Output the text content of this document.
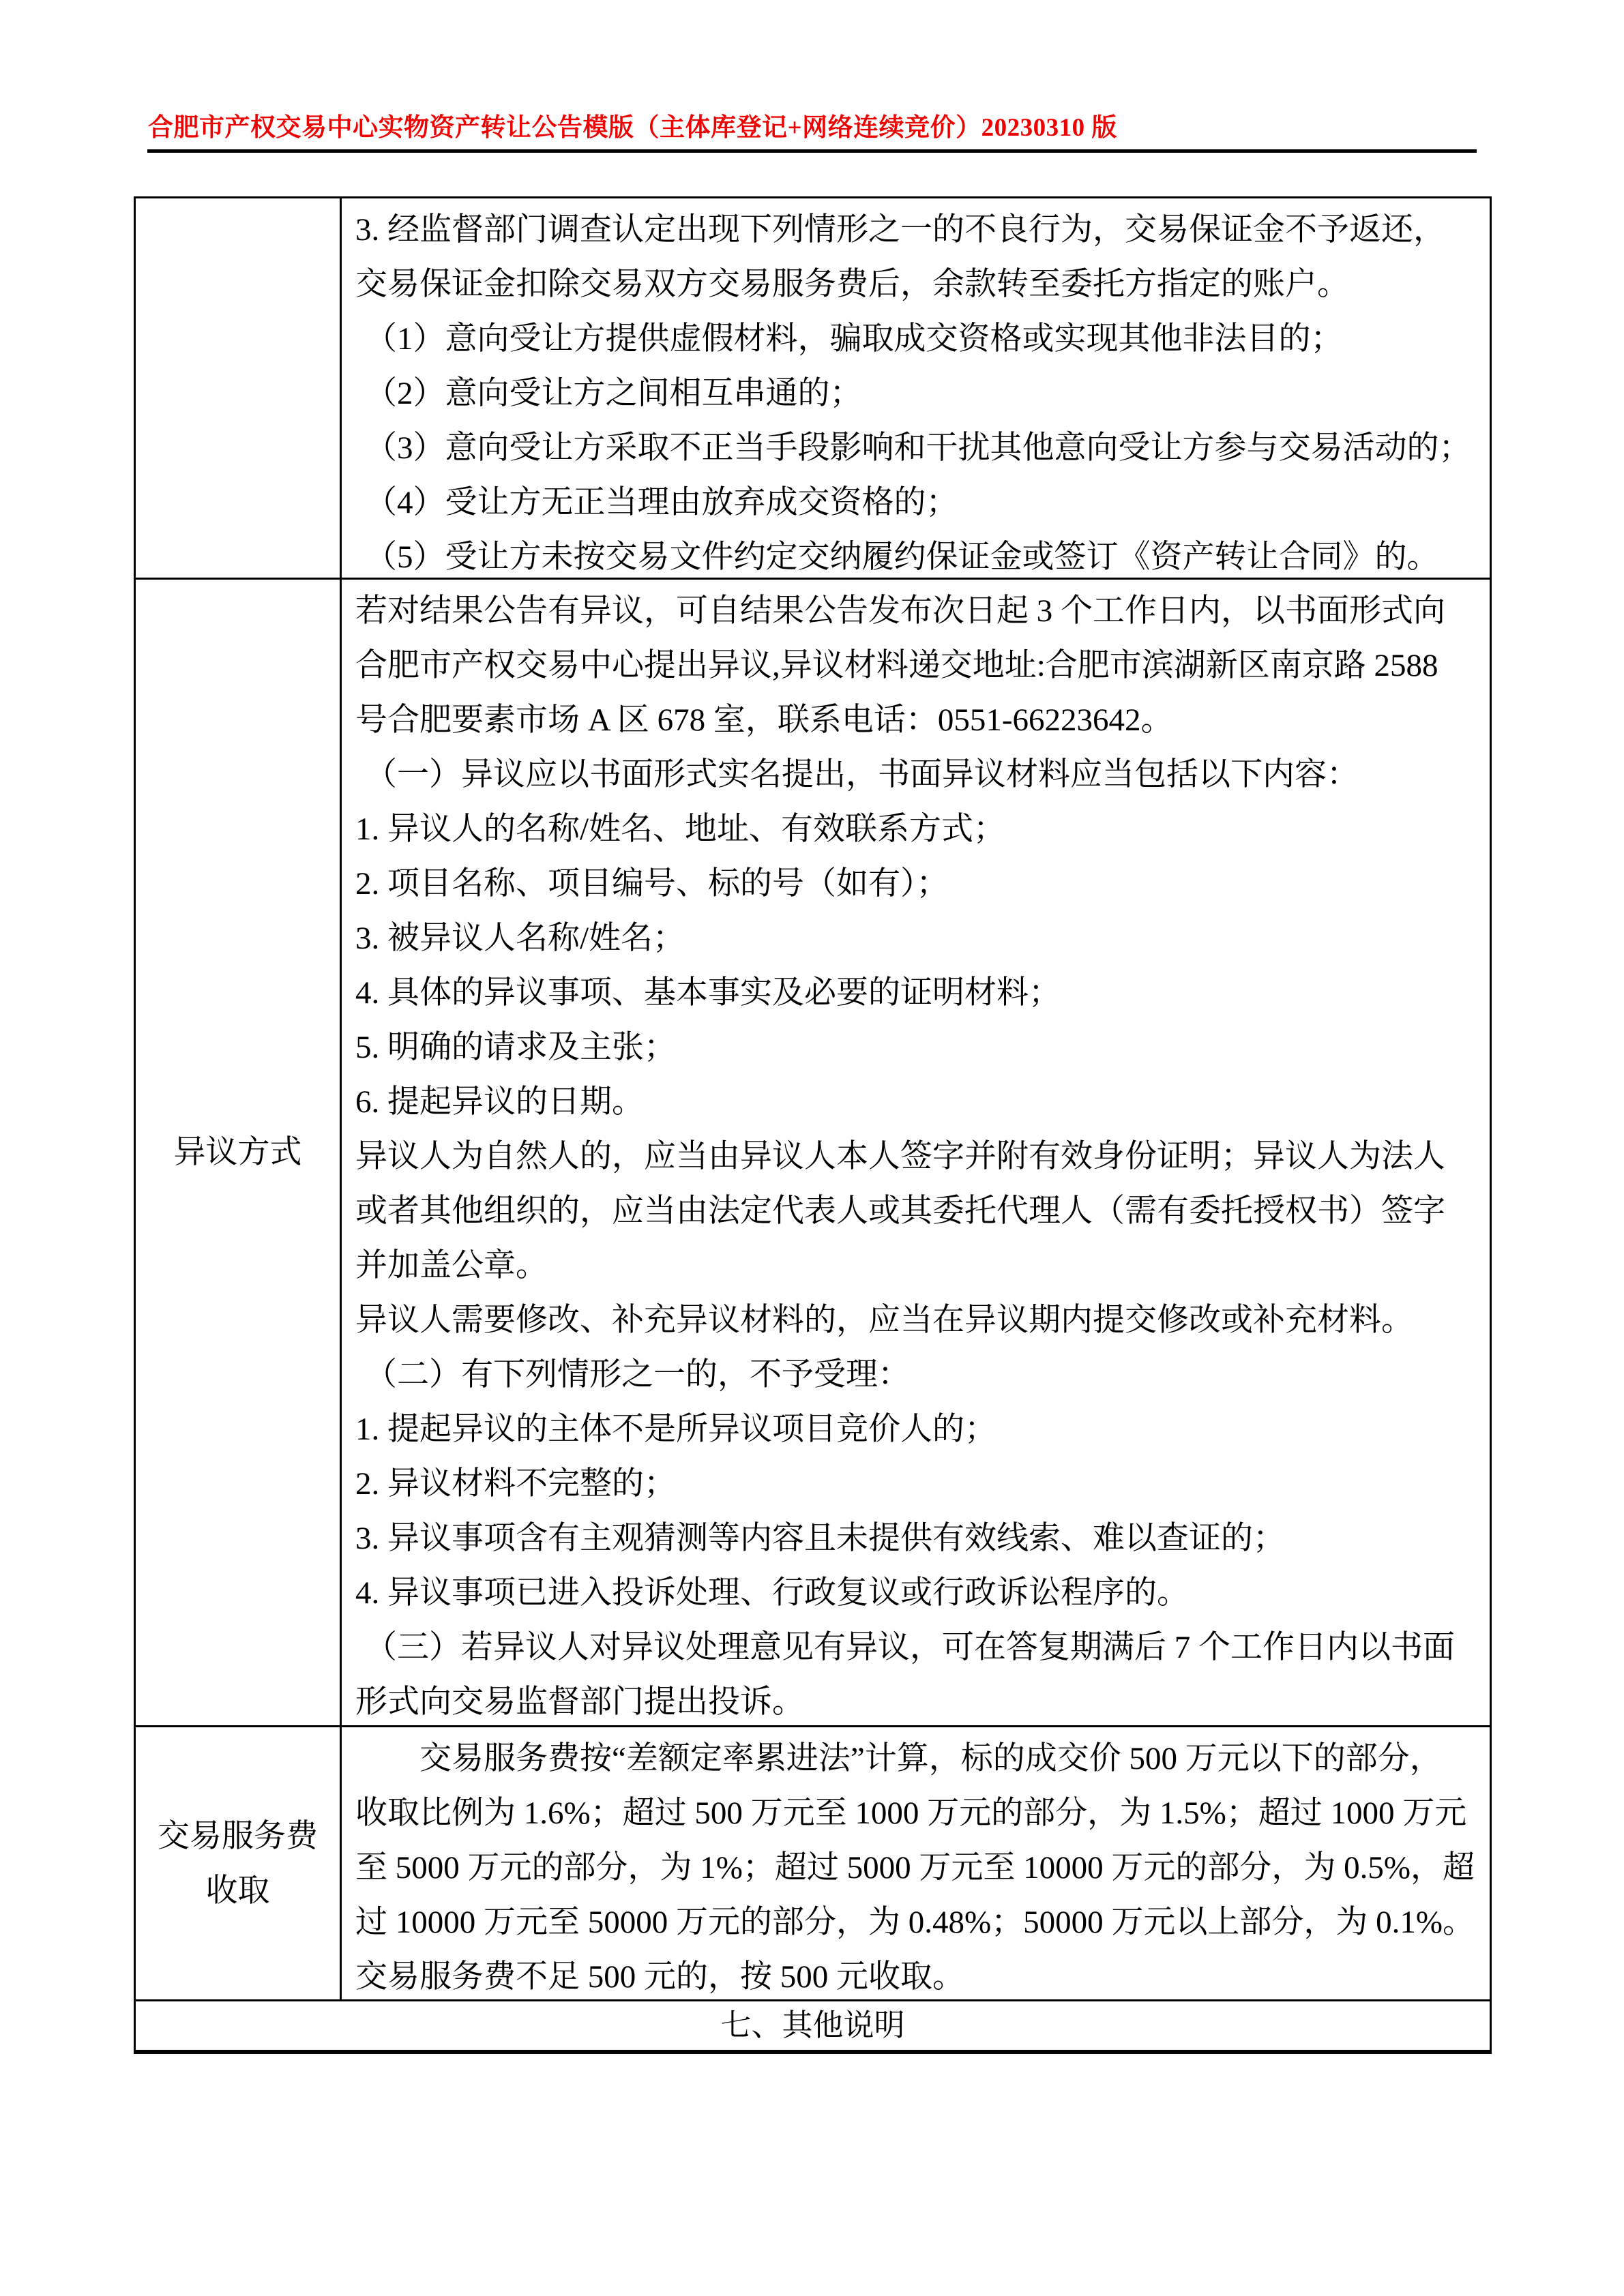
合肥市产权交易中心实物资产转让公告模版（主体库登记+网络连续竞价）20230310 版
3. 经监督部门调查认定出现下列情形之一的不良行为，交易保证金不予返还，
交易保证金扣除交易双方交易服务费后，余款转至委托方指定的账户。
（1）意向受让方提供虚假材料，骗取成交资格或实现其他非法目的；
（2）意向受让方之间相互串通的；
（3）意向受让方采取不正当手段影响和干扰其他意向受让方参与交易活动的；
（4）受让方无正当理由放弃成交资格的；
（5）受让方未按交易文件约定交纳履约保证金或签订《资产转让合同》的。
异议方式
若对结果公告有异议，可自结果公告发布次日起 3 个工作日内，以书面形式向
合肥市产权交易中心提出异议,异议材料递交地址:合肥市滨湖新区南京路 2588
号合肥要素市场 A 区 678 室，联系电话：0551-66223642。
（一）异议应以书面形式实名提出，书面异议材料应当包括以下内容：
1. 异议人的名称/姓名、地址、有效联系方式；
2. 项目名称、项目编号、标的号（如有）；
3. 被异议人名称/姓名；
4. 具体的异议事项、基本事实及必要的证明材料；
5. 明确的请求及主张；
6. 提起异议的日期。
异议人为自然人的，应当由异议人本人签字并附有效身份证明；异议人为法人
或者其他组织的，应当由法定代表人或其委托代理人（需有委托授权书）签字
并加盖公章。
异议人需要修改、补充异议材料的，应当在异议期内提交修改或补充材料。
（二）有下列情形之一的，不予受理：
1. 提起异议的主体不是所异议项目竞价人的；
2. 异议材料不完整的；
3. 异议事项含有主观猜测等内容且未提供有效线索、难以查证的；
4. 异议事项已进入投诉处理、行政复议或行政诉讼程序的。
（三）若异议人对异议处理意见有异议，可在答复期满后 7 个工作日内以书面
形式向交易监督部门提出投诉。
交易服务费
收取
交易服务费按“差额定率累进法”计算，标的成交价 500 万元以下的部分，
收取比例为 1.6%；超过 500 万元至 1000 万元的部分，为 1.5%；超过 1000 万元
至 5000 万元的部分，为 1%；超过 5000 万元至 10000 万元的部分，为 0.5%，超
过 10000 万元至 50000 万元的部分，为 0.48%；50000 万元以上部分，为 0.1%。
交易服务费不足 500 元的，按 500 元收取。
七、其他说明
